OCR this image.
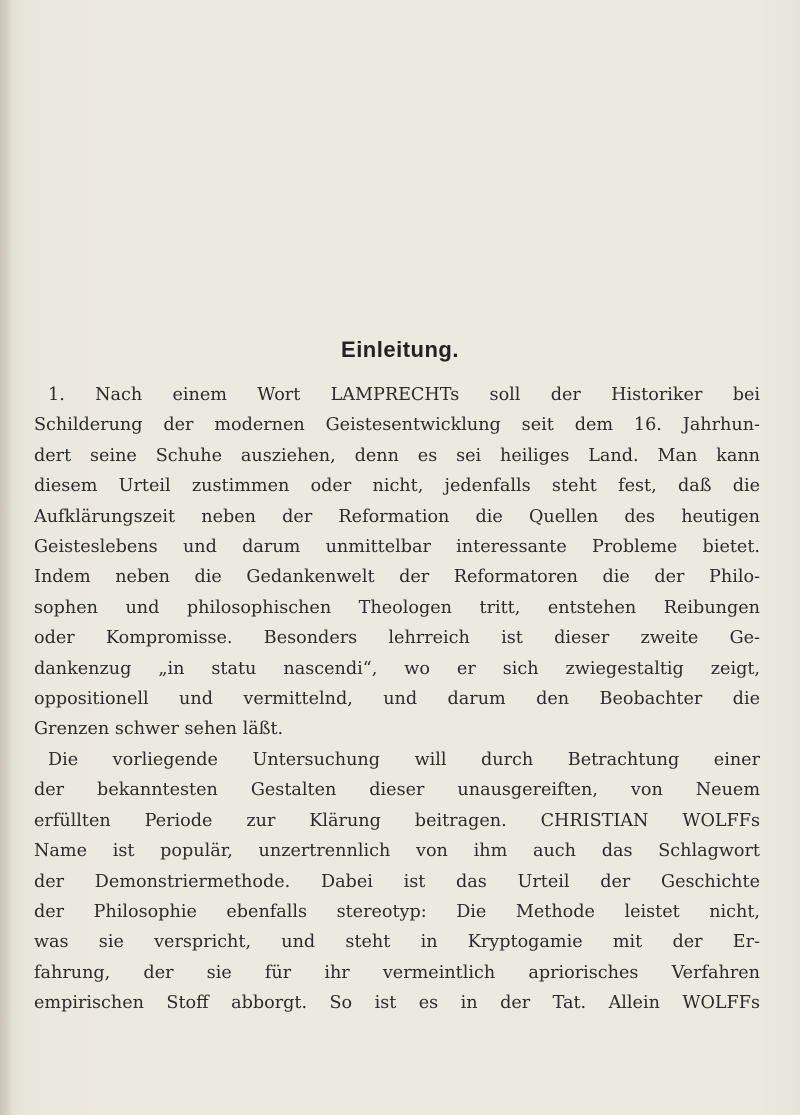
Einleitung.
1. Nach einem Wort LAMPRECHTs soll der Historiker bei
Schilderung der modernen Geistesentwicklung seit dem 16. Jahrhun-
dert seine Schuhe ausziehen, denn es sei heiliges Land. Man kann
diesem Urteil zustimmen oder nicht, jedenfalls steht fest, daß die
Aufklärungszeit neben der Reformation die Quellen des heutigen
Geisteslebens und darum unmittelbar interessante Probleme bietet.
Indem neben die Gedankenwelt der Reformatoren die der Philo-
sophen und philosophischen Theologen tritt, entstehen Reibungen
oder Kompromisse. Besonders lehrreich ist dieser zweite Ge-
dankenzug „in statu nascendi“, wo er sich zwiegestaltig zeigt,
oppositionell und vermittelnd, und darum den Beobachter die
Grenzen schwer sehen läßt.
Die vorliegende Untersuchung will durch Betrachtung einer
der bekanntesten Gestalten dieser unausgereiften, von Neuem
erfüllten Periode zur Klärung beitragen. CHRISTIAN WOLFFs
Name ist populär, unzertrennlich von ihm auch das Schlagwort
der Demonstriermethode. Dabei ist das Urteil der Geschichte
der Philosophie ebenfalls stereotyp: Die Methode leistet nicht,
was sie verspricht, und steht in Kryptogamie mit der Er-
fahrung, der sie für ihr vermeintlich apriorisches Verfahren
empirischen Stoff abborgt. So ist es in der Tat. Allein WOLFFs
